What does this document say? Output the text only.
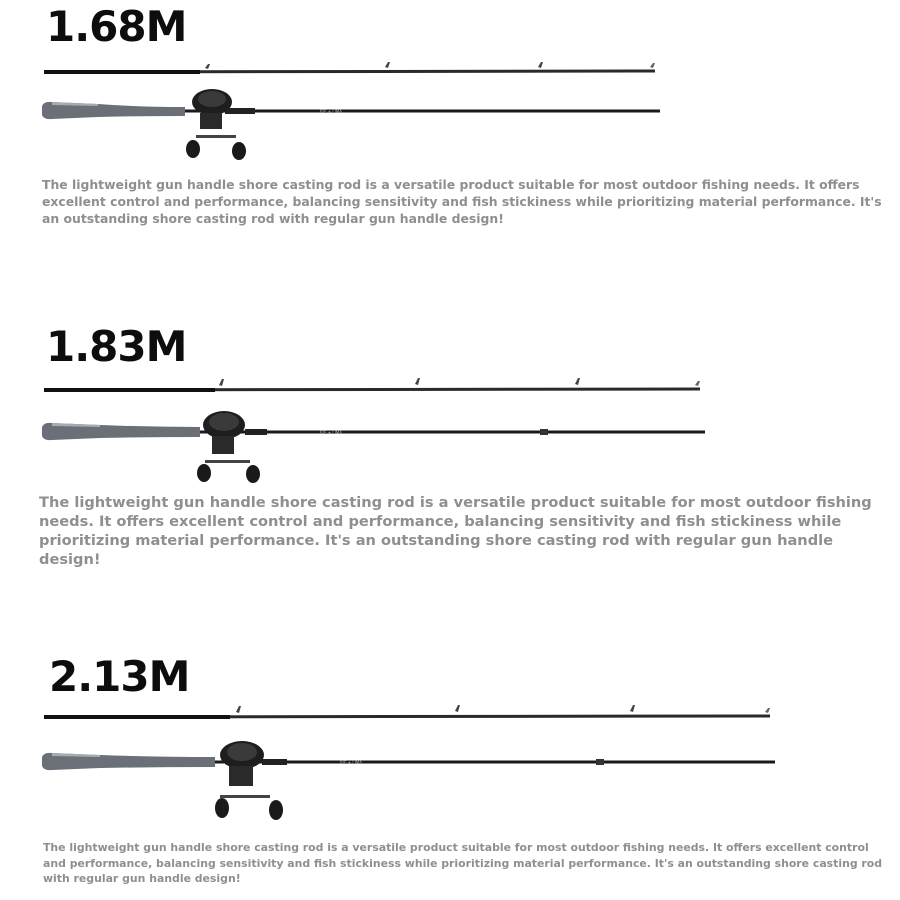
1.68M
RIE ✦ LIMA

The lightweight gun handle shore casting rod is a versatile product suitable for most outdoor fishing needs. It offers excellent control and performance, balancing sensitivity and fish stickiness while prioritizing material performance. It's an outstanding shore casting rod with regular gun handle design!

1.83M
RIE ✦ LIMA

The lightweight gun handle shore casting rod is a versatile product suitable for most outdoor fishing needs. It offers excellent control and performance, balancing sensitivity and fish stickiness while prioritizing material performance. It's an outstanding shore casting rod with regular gun handle design!

2.13M
RIE ✦ LIMA

The lightweight gun handle shore casting rod is a versatile product suitable for most outdoor fishing needs. It offers excellent control and performance, balancing sensitivity and fish stickiness while prioritizing material performance. It's an outstanding shore casting rod with regular gun handle design!
